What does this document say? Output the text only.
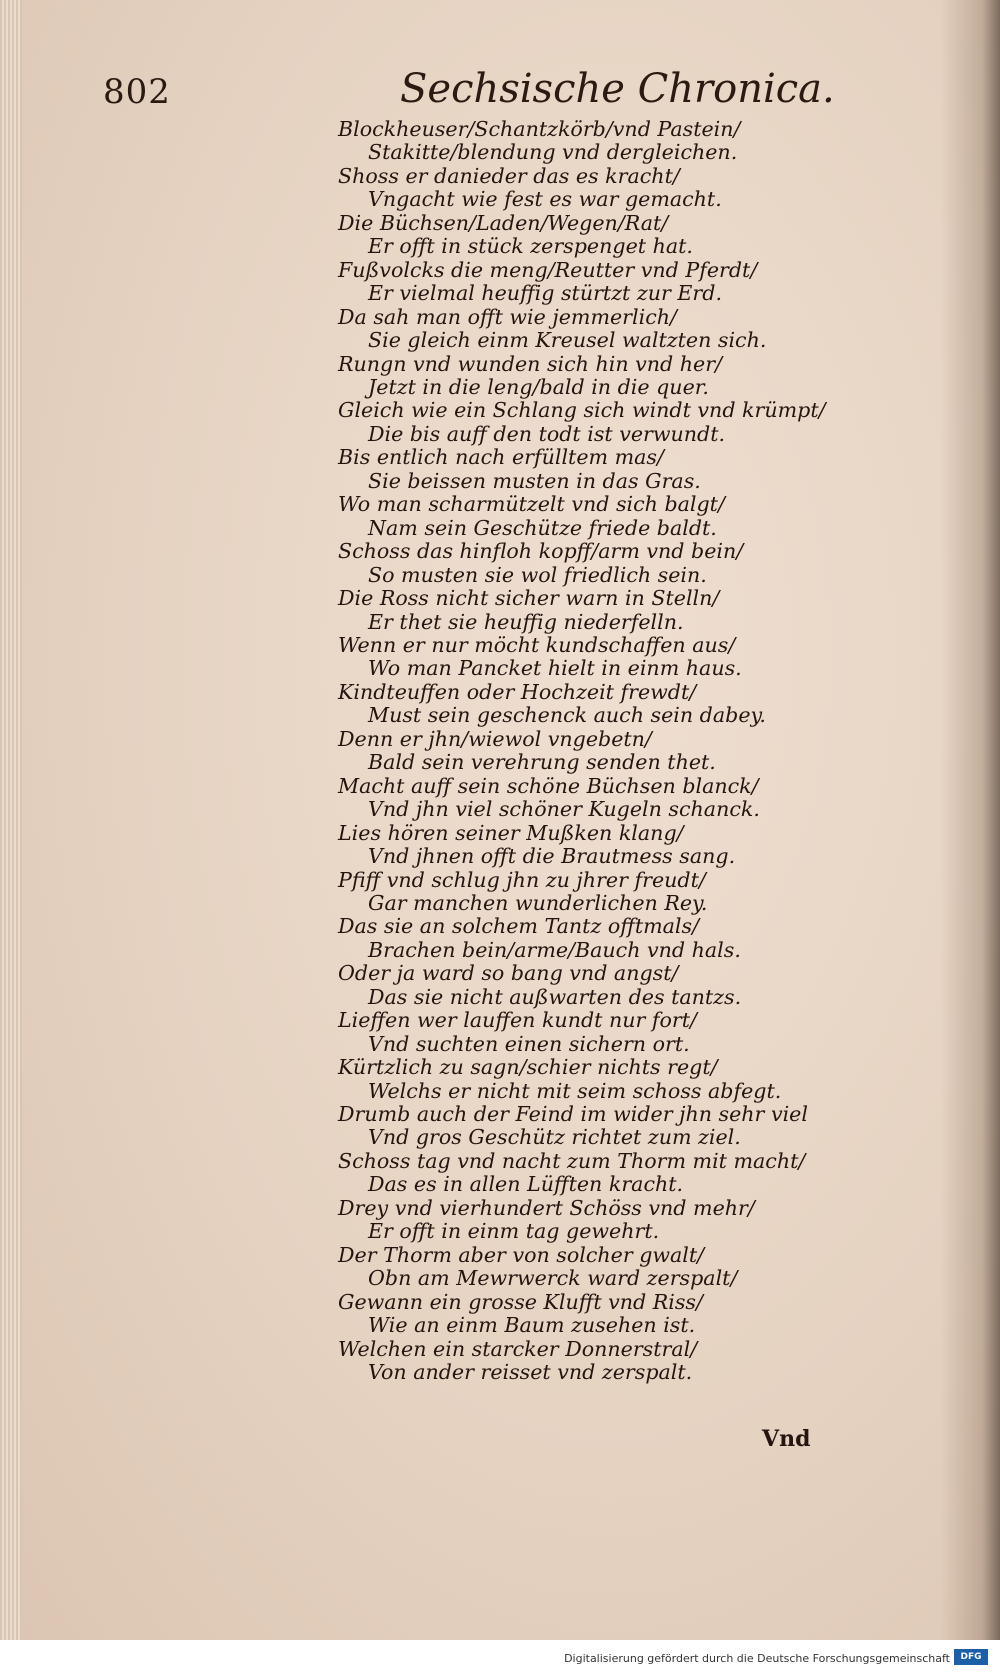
802	Sechsische Chronica.
Blockheuser/Schantzkörb/vnd Pastein/
Stakitte/blendung vnd dergleichen.
Shoss er danieder das es kracht/
Vngacht wie fest es war gemacht.
Die Büchsen/Laden/Wegen/Rat/
Er offt in stück zerspenget hat.
Fußvolcks die meng/Reutter vnd Pferdt/
Er vielmal heuffig stürtzt zur Erd.
Da sah man offt wie jemmerlich/
Sie gleich einm Kreusel waltzten sich.
Rungn vnd wunden sich hin vnd her/
Jetzt in die leng/bald in die quer.
Gleich wie ein Schlang sich windt vnd krümpt/
Die bis auff den todt ist verwundt.
Bis entlich nach erfülltem mas/
Sie beissen musten in das Gras.
Wo man scharmützelt vnd sich balgt/
Nam sein Geschütze friede baldt.
Schoss das hinfloh kopff/arm vnd bein/
So musten sie wol friedlich sein.
Die Ross nicht sicher warn in Stelln/
Er thet sie heuffig niederfelln.
Wenn er nur möcht kundschaffen aus/
Wo man Pancket hielt in einm haus.
Kindteuffen oder Hochzeit frewdt/
Must sein geschenck auch sein dabey.
Denn er jhn/wiewol vngebetn/
Bald sein verehrung senden thet.
Macht auff sein schöne Büchsen blanck/
Vnd jhn viel schöner Kugeln schanck.
Lies hören seiner Mußken klang/
Vnd jhnen offt die Brautmess sang.
Pfiff vnd schlug jhn zu jhrer freudt/
Gar manchen wunderlichen Rey.
Das sie an solchem Tantz offtmals/
Brachen bein/arme/Bauch vnd hals.
Oder ja ward so bang vnd angst/
Das sie nicht außwarten des tantzs.
Lieffen wer lauffen kundt nur fort/
Vnd suchten einen sichern ort.
Kürtzlich zu sagn/schier nichts regt/
Welchs er nicht mit seim schoss abfegt.
Drumb auch der Feind im wider jhn sehr viel
Vnd gros Geschütz richtet zum ziel.
Schoss tag vnd nacht zum Thorm mit macht/
Das es in allen Lüfften kracht.
Drey vnd vierhundert Schöss vnd mehr/
Er offt in einm tag gewehrt.
Der Thorm aber von solcher gwalt/
Obn am Mewrwerck ward zerspalt/
Gewann ein grosse Klufft vnd Riss/
Wie an einm Baum zusehen ist.
Welchen ein starcker Donnerstral/
Von ander reisset vnd zerspalt.
Vnd
Digitalisierung gefördert durch die Deutsche Forschungsgemeinschaft	DFG
